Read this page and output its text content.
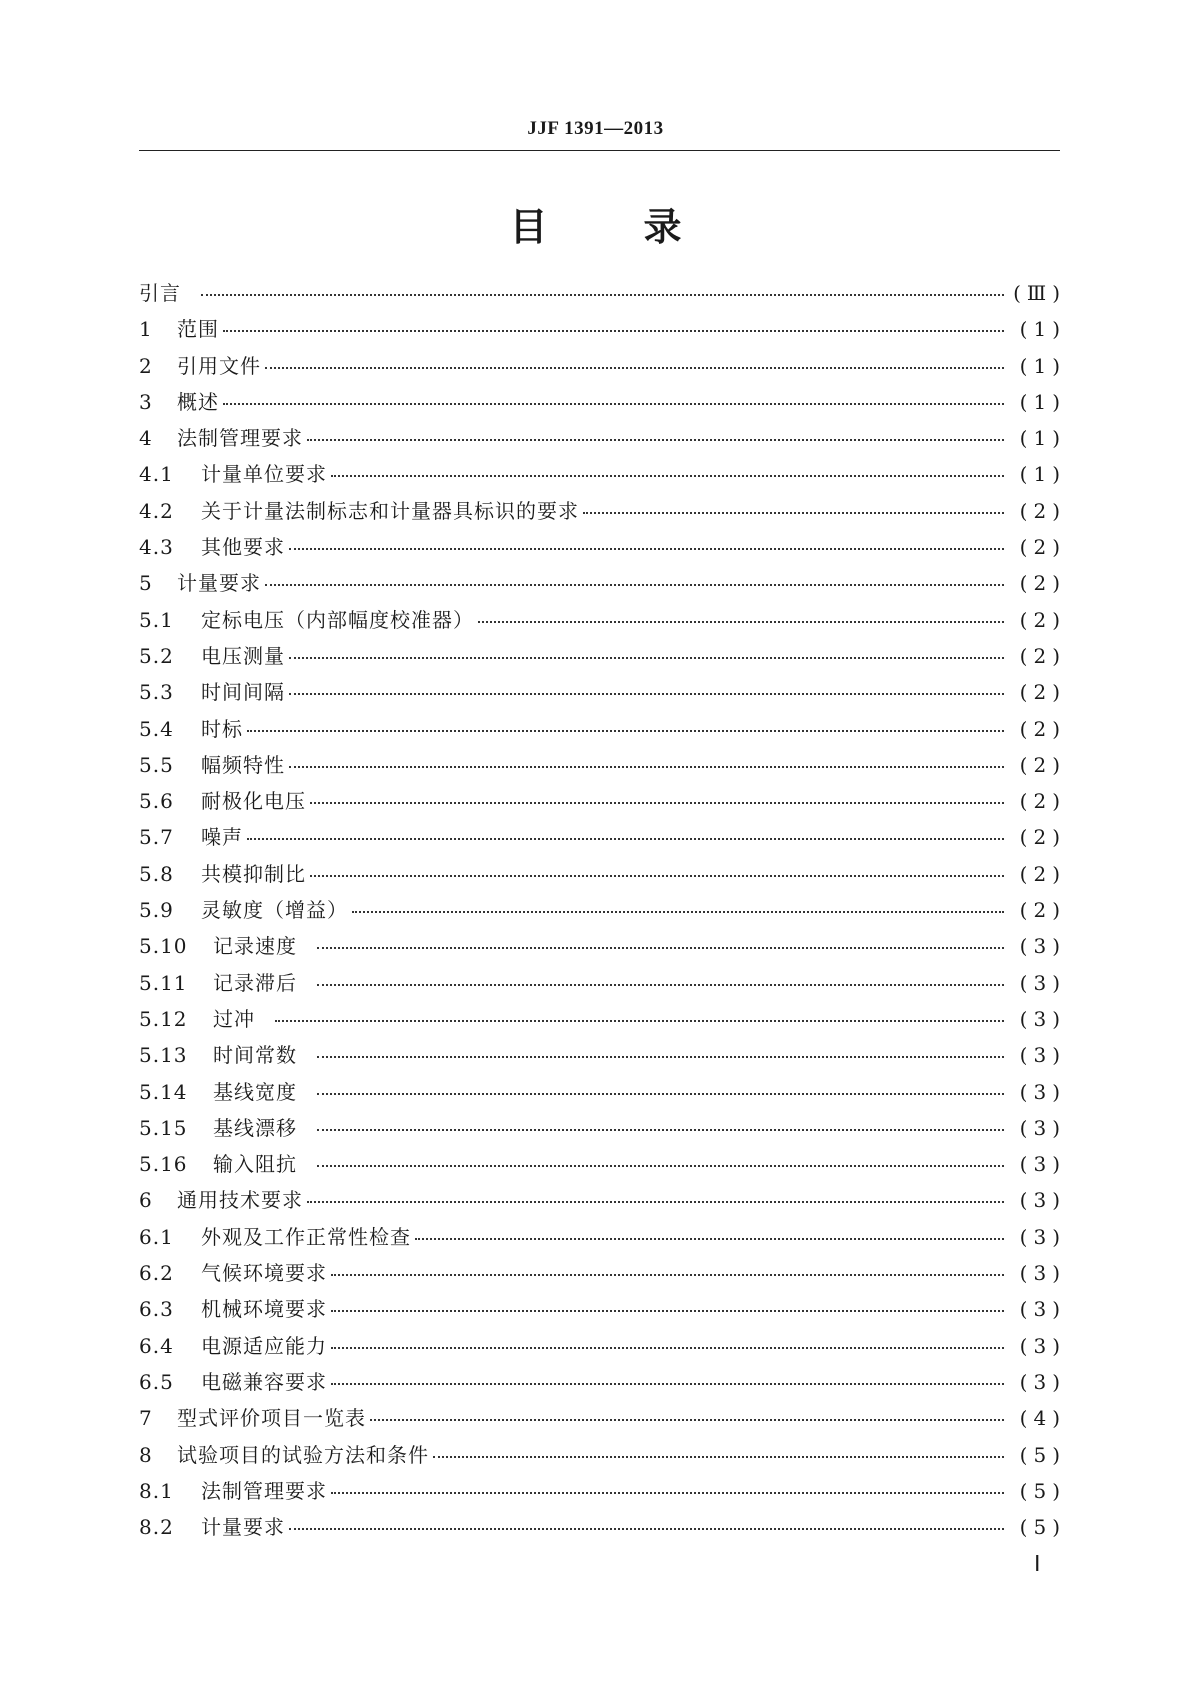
JJF 1391—2013
目	录
引言	( Ⅲ )
1	范围	( 1 )
2	引用文件	( 1 )
3	概述	( 1 )
4	法制管理要求	( 1 )
4.1	计量单位要求	( 1 )
4.2	关于计量法制标志和计量器具标识的要求	( 2 )
4.3	其他要求	( 2 )
5	计量要求	( 2 )
5.1	定标电压（内部幅度校准器）	( 2 )
5.2	电压测量	( 2 )
5.3	时间间隔	( 2 )
5.4	时标	( 2 )
5.5	幅频特性	( 2 )
5.6	耐极化电压	( 2 )
5.7	噪声	( 2 )
5.8	共模抑制比	( 2 )
5.9	灵敏度（增益）	( 2 )
5.10	记录速度	( 3 )
5.11	记录滞后	( 3 )
5.12	过冲	( 3 )
5.13	时间常数	( 3 )
5.14	基线宽度	( 3 )
5.15	基线漂移	( 3 )
5.16	输入阻抗	( 3 )
6	通用技术要求	( 3 )
6.1	外观及工作正常性检查	( 3 )
6.2	气候环境要求	( 3 )
6.3	机械环境要求	( 3 )
6.4	电源适应能力	( 3 )
6.5	电磁兼容要求	( 3 )
7	型式评价项目一览表	( 4 )
8	试验项目的试验方法和条件	( 5 )
8.1	法制管理要求	( 5 )
8.2	计量要求	( 5 )
Ⅰ
